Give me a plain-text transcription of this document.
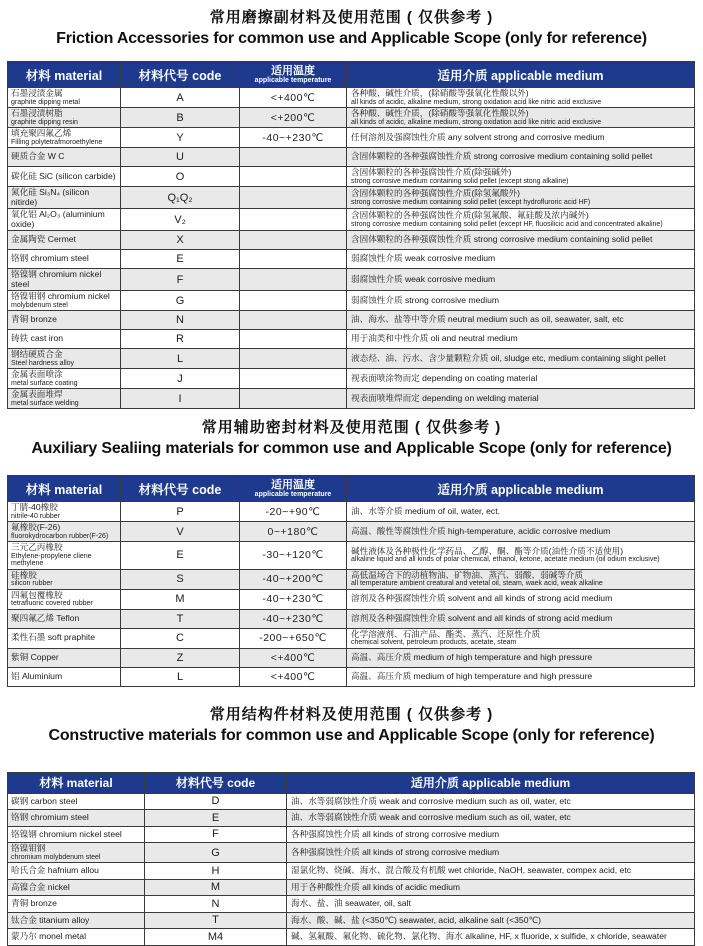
常用磨擦副材料及使用范围 ( 仅供参考 )
Friction Accessories for common use and Applicable Scope (only for reference)
材料 material	材料代号 code	适用温度
applicable temperature	适用介质 applicable medium

石墨浸渍金属
graphite dipping metal	A	<+400℃	各种酸、碱性介质，(除硝酸等强氧化性酸以外)
all kinds of acidic, alkaline medium, strong oxidation acid like nitric acid exclusive

石墨浸渍树脂
graphite dipping resin	B	<+200℃	各种酸、碱性介质，(除硝酸等强氧化性酸以外)
all kinds of acidic, alkaline medium, strong oxidation acid like nitric acid exclusive

填充聚四氟乙烯
Filling polytetrafmoroethylene	Y	-40~+230℃	任何溶剂及强腐蚀性介质 any solvent strong and corrosive medium

硬质合金 W C	U		含固体颗粒的各种强腐蚀性介质 strong corrosive medium containing solid pellet

碳化硅 SiC (silicon carbide)	O		含固体颗粒的各种强腐蚀性介质(除强碱外)
strong corrosive medium containing solid pellet (except stong alkaline)

氮化硅 Si₃N₄ (silicon nitirde)	Q₁Q₂		含固体颗粒的各种强腐蚀性介质(除氢氟酸外)
strong corrosive medium containing solid pellet (except hydrofluroric acid HF)

氧化铝 Al₂O₃ (aluminium oxide)	V₂		含固体颗粒的各种强腐蚀性介质(除氢氟酸、氟硅酸及浓内碱外)
strong corrosive medium containing solid pellet (except HF, fluosilicic acid and concentrated alkaline)

金属陶瓷 Cermet	X		含固体颗粒的各种强腐蚀性介质 strong corrosive medium containing solid pellet

铬钢 chromium steel	E		弱腐蚀性介质 weak corrosive medium

铬镍钢 chromium nickel steel	F		弱腐蚀性介质 weak corrosive medium

铬镍钼钢 chromium nickel
molybdenum steel	G		弱腐蚀性介质 strong corrosive medium

青铜 bronze	N		油、海水、盐等中等介质 neutral medium such as oil, seawater, salt, etc

铸铁 cast iron	R		用于油类和中性介质 oli and neutral medium

钢结硬质合金
Steel hardness alloy	L		液态烃、油、污水、含少量颗粒介质 oil, sludge etc, medium containing slight pellet

金属表面喷涂
metal surface coating	J		视表面喷涂物而定 depending on coating material

金属表面堆焊
metal surface welding	I		视表面喷堆焊而定 depending on welding material
常用辅助密封材料及使用范围 ( 仅供参考 )
Auxiliary Sealiing materials for common use and Applicable Scope (only for reference)
材料 material	材料代号 code	适用温度
applicable temperature	适用介质 applicable medium

丁腈-40橡胶
nitrile-40 rubber	P	-20~+90℃	油、水等介质 medium of oil, water, ect.

氟橡胶(F-26)
fluorokydrocarbon rubber(F-26)	V	0~+180℃	高温、酸性等腐蚀性介质 high-temperature, acidic corrosive medium

三元乙丙橡胶
Ethylene-propylene cliene methylene
	E	-30~+120℃	碱性液体及各种极性化学药品、乙醇、酮、酯等介质(油性介质不适使用)
alkaline liquid and all kinds of polar chemical, ethanol, ketone, acetate medium (oil odium exclusive)

硅橡胶
silicon rubber	S	-40~+200℃	高低温场合下的动植物油、矿物油、蒸汽、弱酸、弱碱等介质
all temperature ambient creatural and vetetal oil, steam, waek acid, weak alkaline

四氟包覆橡胶
tetrafluoric covered rubber	M	-40~+230℃	溶剂及各种强腐蚀性介质 solvent and all kinds of strong acid medium

聚四氟乙烯 Teflon	T	-40~+230℃	溶剂及各种强腐蚀性介质 solvent and all kinds of strong acid medium

柔性石墨 soft praphite	C	-200~+650℃	化学溶液剂、石油产品、酯类、蒸汽、还原性介质
chemical solvent, petroleum products, acetate, steam

紫铜 Copper	Z	<+400℃	高温、高压介质 medium of high temperature and high pressure

铝 Aluminium	L	<+400℃	高温、高压介质 medium of high temperature and high pressure
常用结构件材料及使用范围 ( 仅供参考 )
Constructive materials for common use and Applicable Scope (only for reference)
材料 material	材料代号 code	适用介质 applicable medium

碳钢 carbon steel	D	油、水等弱腐蚀性介质 weak and corrosive medium such as oil, water, etc

铬钢 chromium steel	E	油、水等弱腐蚀性介质 weak and corrosive medium such as oil, water, etc

铬镍钢 chromium nickel steel	F	各种强腐蚀性介质 all kinds of strong corrosive medium

铬镍钼钢
chromium molybdenum steel	G	各种强腐蚀性介质 all kinds of strong corrosive medium

哈氏合金 hafnium allou	H	湿氯化物、烧碱、海水、混合酸及有机酸 wet chloride, NaOH, seawater, compex acid, etc

高镍合金 nickel	M	用于各种酸性介质 all kinds of acidic medium

青铜 bronze	N	海水、盐、油 seawater, oil, salt

钛合金 titanium alloy	T	海水、酸、碱、盐 (<350℃) seawater, acid, alkaline salt (<350℃)

蒙乃尔 monel metal	M4	碱、氢氟酸、氟化物、硫化物、氯化物、海水 alkaline, HF, x fluoride, x sulfide, x chloride, seawater
